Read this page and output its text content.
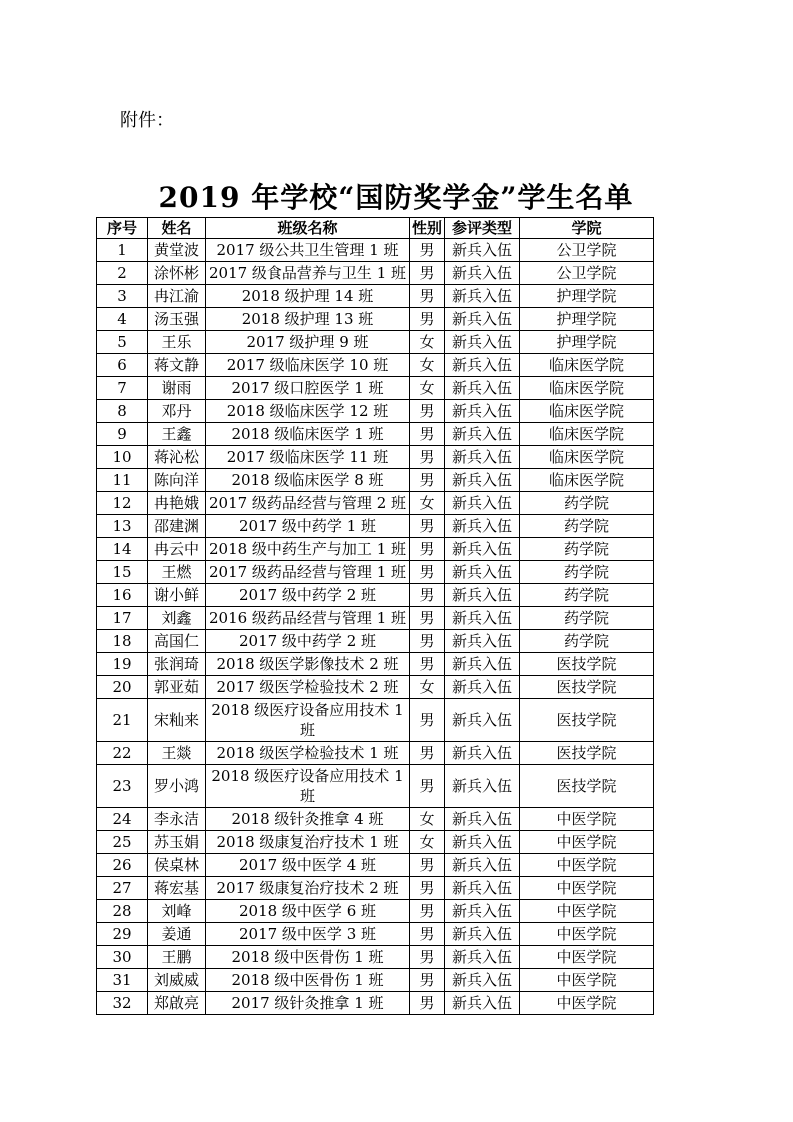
附件：
2019 年学校“国防奖学金”学生名单
序号	姓名	班级名称	性别	参评类型	学院
1	黄堂波	2017 级公共卫生管理 1 班	男	新兵入伍	公卫学院
2	涂怀彬	2017 级食品营养与卫生 1 班	男	新兵入伍	公卫学院
3	冉江渝	2018 级护理 14 班	男	新兵入伍	护理学院
4	汤玉强	2018 级护理 13 班	男	新兵入伍	护理学院
5	王乐	2017 级护理 9 班	女	新兵入伍	护理学院
6	蒋文静	2017 级临床医学 10 班	女	新兵入伍	临床医学院
7	谢雨	2017 级口腔医学 1 班	女	新兵入伍	临床医学院
8	邓丹	2018 级临床医学 12 班	男	新兵入伍	临床医学院
9	王鑫	2018 级临床医学 1 班	男	新兵入伍	临床医学院
10	蒋沁松	2017 级临床医学 11 班	男	新兵入伍	临床医学院
11	陈向洋	2018 级临床医学 8 班	男	新兵入伍	临床医学院
12	冉艳娥	2017 级药品经营与管理 2 班	女	新兵入伍	药学院
13	邵建渊	2017 级中药学 1 班	男	新兵入伍	药学院
14	冉云中	2018 级中药生产与加工 1 班	男	新兵入伍	药学院
15	王燃	2017 级药品经营与管理 1 班	男	新兵入伍	药学院
16	谢小鲜	2017 级中药学 2 班	男	新兵入伍	药学院
17	刘鑫	2016 级药品经营与管理 1 班	男	新兵入伍	药学院
18	高国仁	2017 级中药学 2 班	男	新兵入伍	药学院
19	张润琦	2018 级医学影像技术 2 班	男	新兵入伍	医技学院
20	郭亚茹	2017 级医学检验技术 2 班	女	新兵入伍	医技学院
21	宋籼来	2018 级医疗设备应用技术 1 班	男	新兵入伍	医技学院
22	王燚	2018 级医学检验技术 1 班	男	新兵入伍	医技学院
23	罗小鸿	2018 级医疗设备应用技术 1 班	男	新兵入伍	医技学院
24	李永洁	2018 级针灸推拿 4 班	女	新兵入伍	中医学院
25	苏玉娟	2018 级康复治疗技术 1 班	女	新兵入伍	中医学院
26	侯桌林	2017 级中医学 4 班	男	新兵入伍	中医学院
27	蒋宏基	2017 级康复治疗技术 2 班	男	新兵入伍	中医学院
28	刘峰	2018 级中医学 6 班	男	新兵入伍	中医学院
29	姜通	2017 级中医学 3 班	男	新兵入伍	中医学院
30	王鹏	2018 级中医骨伤 1 班	男	新兵入伍	中医学院
31	刘威威	2018 级中医骨伤 1 班	男	新兵入伍	中医学院
32	郑啟亮	2017 级针灸推拿 1 班	男	新兵入伍	中医学院
